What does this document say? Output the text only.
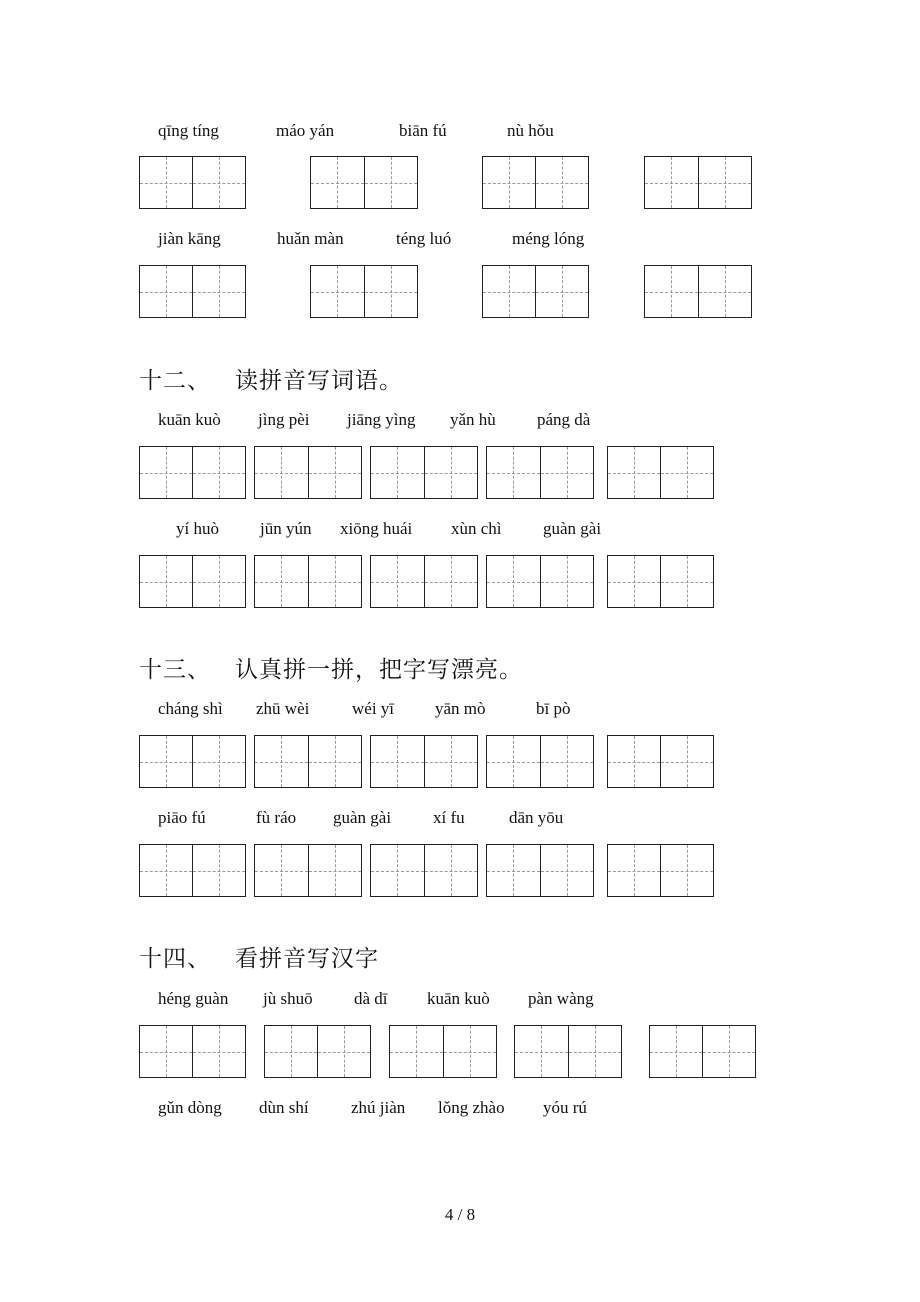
qīng tíng	máo yán	biān fú	nù hǒu
jiàn kāng	huǎn màn	téng luó	méng lóng
十二、 读拼音写词语。
kuān kuò jìng pèi jiāng yìng yǎn hù páng dà
yí huò jūn yún xiōng huái xùn chì guàn gài
十三、 认真拼一拼，把字写漂亮。
cháng shì zhū wèi	wéi yī yān mò	bī pò
piāo fú	fù ráo guàn gài xí fu	dān yōu
十四、 看拼音写汉字
héng guàn jù shuō dà dī kuān kuò pàn wàng
gǔn dòng dùn shí zhú jiàn lǒng zhào yóu rú
4 / 8
